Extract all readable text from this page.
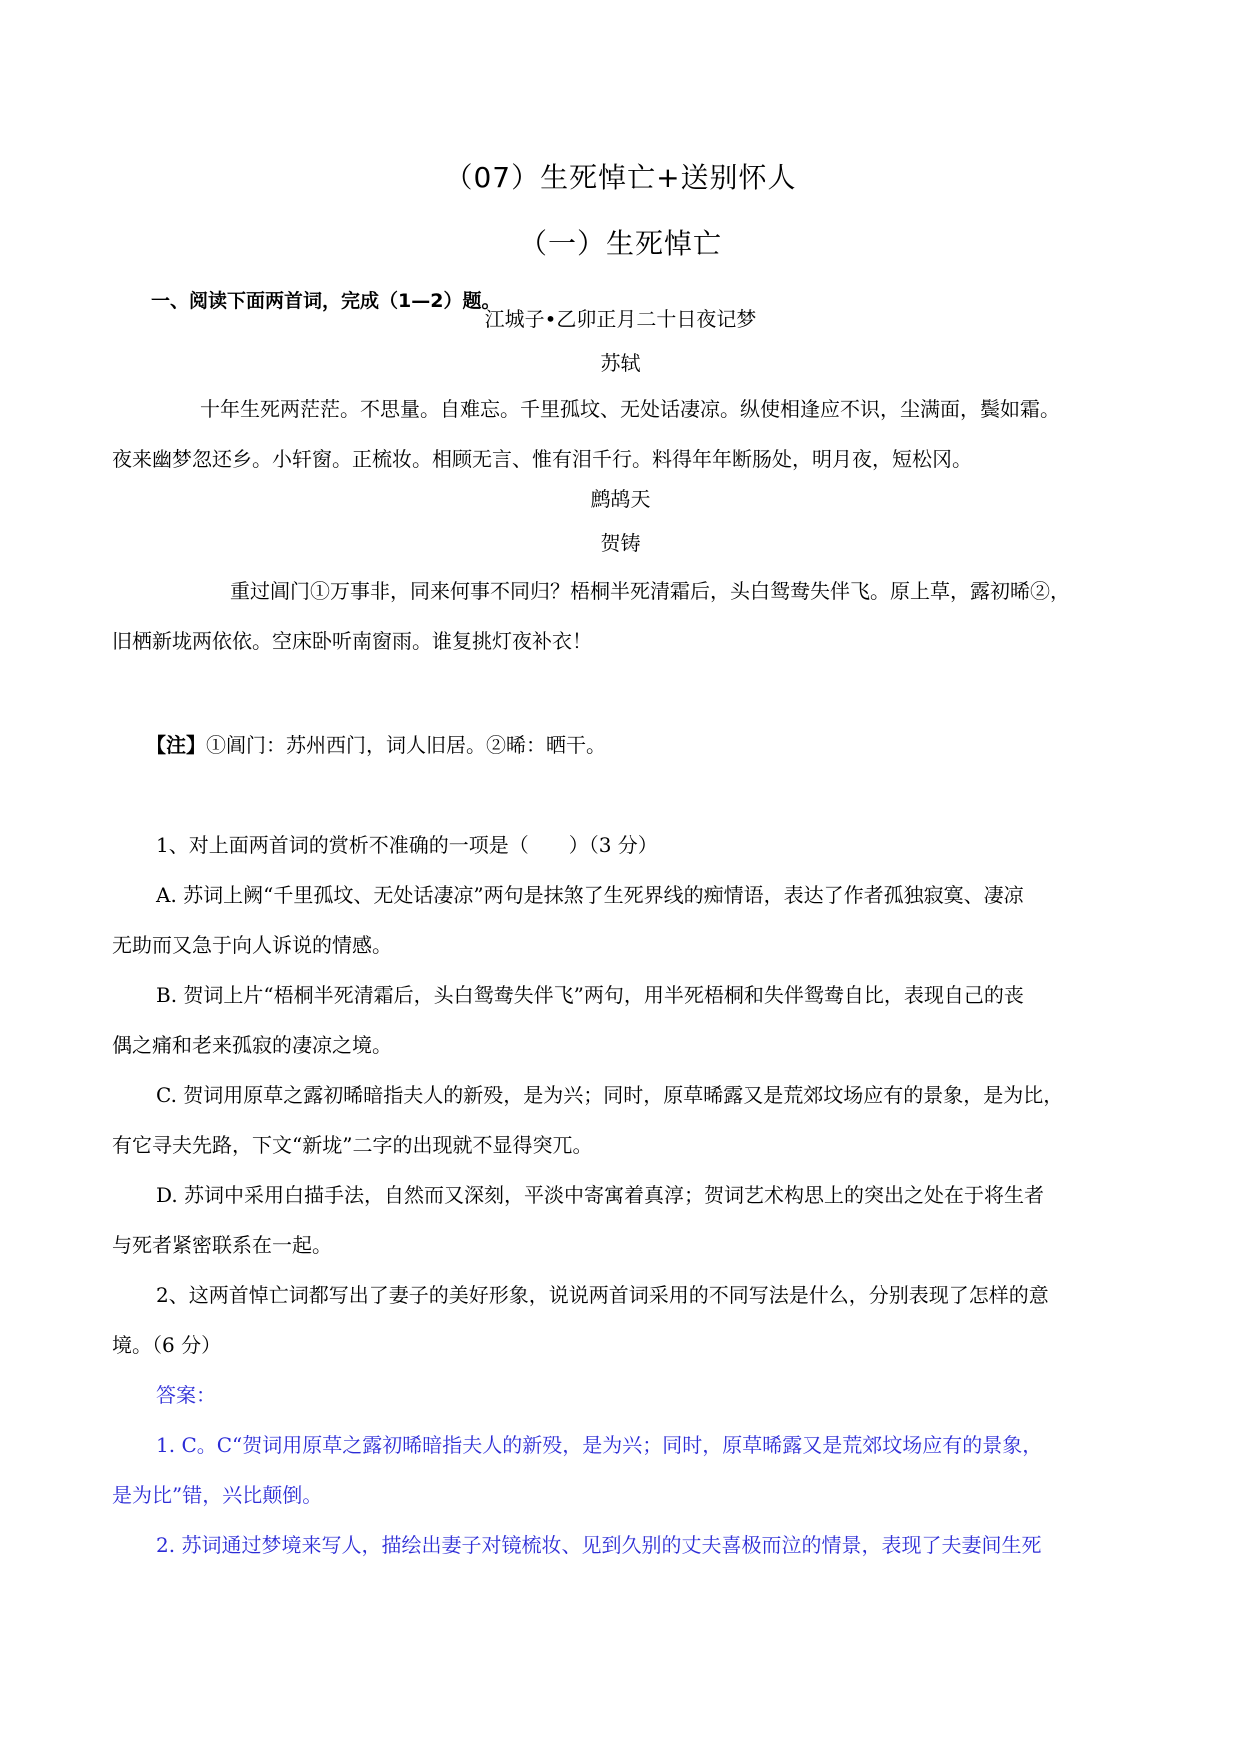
（07）生死悼亡+送别怀人
（一）生死悼亡
一、阅读下面两首词，完成（1—2）题。
江城子•乙卯正月二十日夜记梦
苏轼
十年生死两茫茫。不思量。自难忘。千里孤坟、无处话凄凉。纵使相逢应不识，尘满面，鬓如霜。
夜来幽梦忽还乡。小轩窗。正梳妆。相顾无言、惟有泪千行。料得年年断肠处，明月夜，短松冈。
鹧鸪天
贺铸
重过阊门①万事非，同来何事不同归？梧桐半死清霜后，头白鸳鸯失伴飞。原上草，露初晞②，
旧栖新垅两依依。空床卧听南窗雨。谁复挑灯夜补衣！
【注】①阊门：苏州西门，词人旧居。②晞：晒干。
1、对上面两首词的赏析不准确的一项是（　　）（3 分）
A. 苏词上阙“千里孤坟、无处话凄凉”两句是抹煞了生死界线的痴情语，表达了作者孤独寂寞、凄凉
无助而又急于向人诉说的情感。
B. 贺词上片“梧桐半死清霜后，头白鸳鸯失伴飞”两句，用半死梧桐和失伴鸳鸯自比，表现自己的丧
偶之痛和老来孤寂的凄凉之境。
C. 贺词用原草之露初晞暗指夫人的新殁，是为兴；同时，原草晞露又是荒郊坟场应有的景象，是为比，
有它寻夫先路，下文“新垅”二字的出现就不显得突兀。
D. 苏词中采用白描手法，自然而又深刻，平淡中寄寓着真淳；贺词艺术构思上的突出之处在于将生者
与死者紧密联系在一起。
2、这两首悼亡词都写出了妻子的美好形象，说说两首词采用的不同写法是什么，分别表现了怎样的意
境。（6 分）
答案：
1. C。C“贺词用原草之露初晞暗指夫人的新殁，是为兴；同时，原草晞露又是荒郊坟场应有的景象，
是为比”错，兴比颠倒。
2. 苏词通过梦境来写人，描绘出妻子对镜梳妆、见到久别的丈夫喜极而泣的情景，表现了夫妻间生死
